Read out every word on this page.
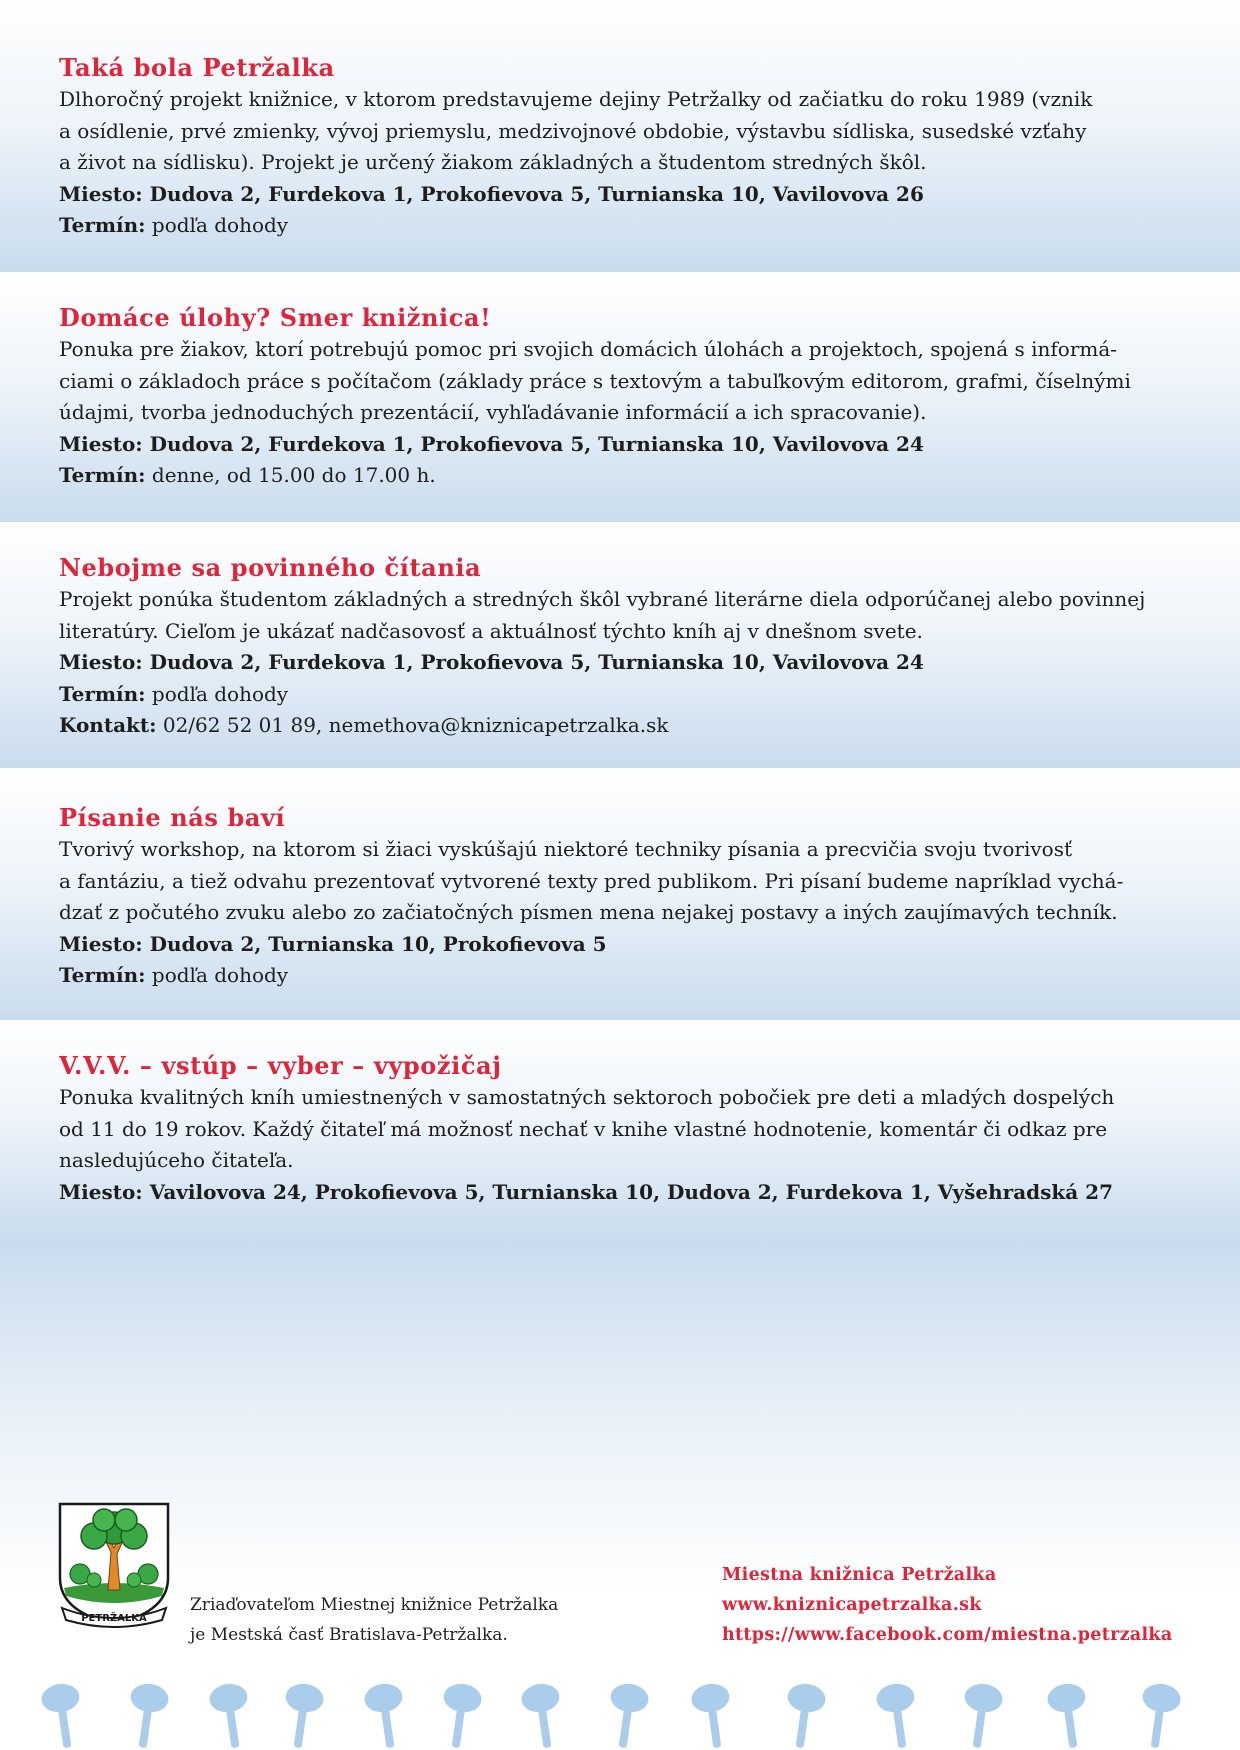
Taká bola Petržalka

Dlhoročný projekt knižnice, v ktorom predstavujeme dejiny Petržalky od začiatku do roku 1989 (vznik

a osídlenie, prvé zmienky, vývoj priemyslu, medzivojnové obdobie, výstavbu sídliska, susedské vzťahy

a život na sídlisku). Projekt je určený žiakom základných a študentom stredných škôl.

Miesto: Dudova 2, Furdekova 1, Prokofievova 5, Turnianska 10, Vavilovova 26

Termín: podľa dohody

Domáce úlohy? Smer knižnica!

Ponuka pre žiakov, ktorí potrebujú pomoc pri svojich domácich úlohách a projektoch, spojená s informá-

ciami o základoch práce s počítačom (základy práce s textovým a tabuľkovým editorom, grafmi, číselnými

údajmi, tvorba jednoduchých prezentácií, vyhľadávanie informácií a ich spracovanie).

Miesto: Dudova 2, Furdekova 1, Prokofievova 5, Turnianska 10, Vavilovova 24

Termín: denne, od 15.00 do 17.00 h.

Nebojme sa povinného čítania

Projekt ponúka študentom základných a stredných škôl vybrané literárne diela odporúčanej alebo povinnej

literatúry. Cieľom je ukázať nadčasovosť a aktuálnosť týchto kníh aj v dnešnom svete.

Miesto: Dudova 2, Furdekova 1, Prokofievova 5, Turnianska 10, Vavilovova 24

Termín: podľa dohody

Kontakt: 02/62 52 01 89, nemethova@kniznicapetrzalka.sk

Písanie nás baví

Tvorivý workshop, na ktorom si žiaci vyskúšajú niektoré techniky písania a precvičia svoju tvorivosť

a fantáziu, a tiež odvahu prezentovať vytvorené texty pred publikom. Pri písaní budeme napríklad vychá-

dzať z počutého zvuku alebo zo začiatočných písmen mena nejakej postavy a iných zaujímavých techník.

Miesto: Dudova 2, Turnianska 10, Prokofievova 5

Termín: podľa dohody

V.V.V. – vstúp – vyber – vypožičaj

Ponuka kvalitných kníh umiestnených v samostatných sektoroch pobočiek pre deti a mladých dospelých

od 11 do 19 rokov. Každý čitateľ má možnosť nechať v knihe vlastné hodnotenie, komentár či odkaz pre

nasledujúceho čitateľa.

Miesto: Vavilovova 24, Prokofievova 5, Turnianska 10, Dudova 2, Furdekova 1, Vyšehradská 27

PETRŽALKA
Zriaďovateľom Miestnej knižnice Petržalka
je Mestská časť Bratislava-Petržalka.
Miestna knižnica Petržalka
www.kniznicapetrzalka.sk
https://www.facebook.com/miestna.petrzalka
